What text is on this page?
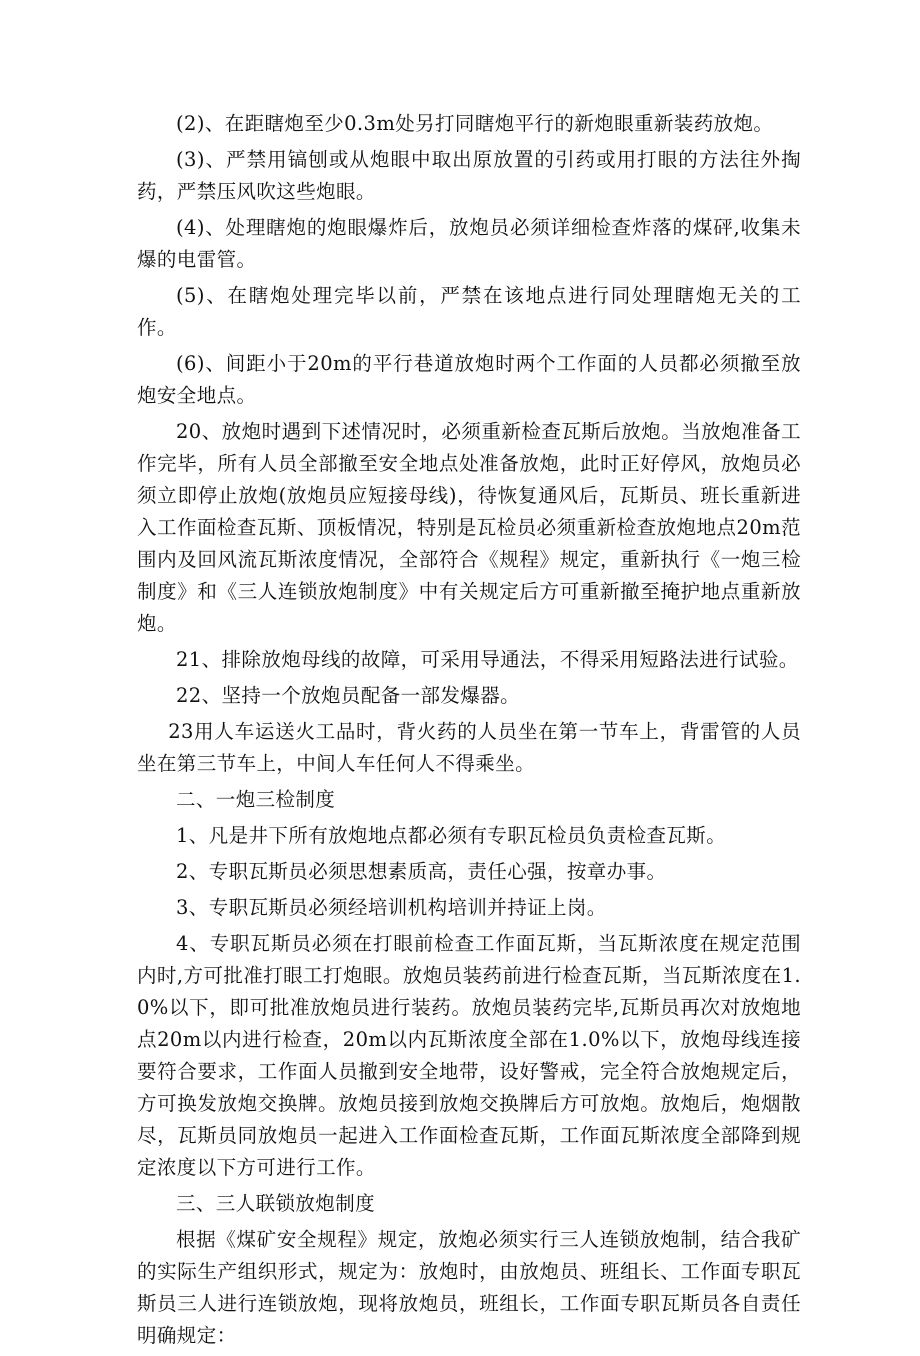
(2)、在距瞎炮至少0.3m处另打同瞎炮平行的新炮眼重新装药放炮。

(3)、严禁用镐刨或从炮眼中取出原放置的引药或用打眼的方法往外掏药，严禁压风吹这些炮眼。

(4)、处理瞎炮的炮眼爆炸后，放炮员必须详细检查炸落的煤砰,收集未爆的电雷管。

(5)、在瞎炮处理完毕以前，严禁在该地点进行同处理瞎炮无关的工作。

(6)、间距小于20m的平行巷道放炮时两个工作面的人员都必须撤至放炮安全地点。

20、放炮时遇到下述情况时，必须重新检查瓦斯后放炮。当放炮准备工作完毕，所有人员全部撤至安全地点处准备放炮，此时正好停风，放炮员必须立即停止放炮(放炮员应短接母线)，待恢复通风后，瓦斯员、班长重新进入工作面检查瓦斯、顶板情况，特别是瓦检员必须重新检查放炮地点20m范围内及回风流瓦斯浓度情况，全部符合《规程》规定，重新执行《一炮三检制度》和《三人连锁放炮制度》中有关规定后方可重新撤至掩护地点重新放炮。

21、排除放炮母线的故障，可采用导通法，不得采用短路法进行试验。

22、坚持一个放炮员配备一部发爆器。

23用人车运送火工品时，背火药的人员坐在第一节车上，背雷管的人员坐在第三节车上，中间人车任何人不得乘坐。

二、一炮三检制度

1、凡是井下所有放炮地点都必须有专职瓦检员负责检查瓦斯。

2、专职瓦斯员必须思想素质高，责任心强，按章办事。

3、专职瓦斯员必须经培训机构培训并持证上岗。

4、专职瓦斯员必须在打眼前检查工作面瓦斯，当瓦斯浓度在规定范围内时,方可批准打眼工打炮眼。放炮员装药前进行检查瓦斯，当瓦斯浓度在1.0%以下，即可批准放炮员进行装药。放炮员装药完毕,瓦斯员再次对放炮地点20m以内进行检查，20m以内瓦斯浓度全部在1.0%以下，放炮母线连接要符合要求，工作面人员撤到安全地带，设好警戒，完全符合放炮规定后，方可换发放炮交换牌。放炮员接到放炮交换牌后方可放炮。放炮后，炮烟散尽，瓦斯员同放炮员一起进入工作面检查瓦斯，工作面瓦斯浓度全部降到规定浓度以下方可进行工作。

三、三人联锁放炮制度

根据《煤矿安全规程》规定，放炮必须实行三人连锁放炮制，结合我矿的实际生产组织形式，规定为：放炮时，由放炮员、班组长、工作面专职瓦斯员三人进行连锁放炮，现将放炮员，班组长，工作面专职瓦斯员各自责任明确规定：
